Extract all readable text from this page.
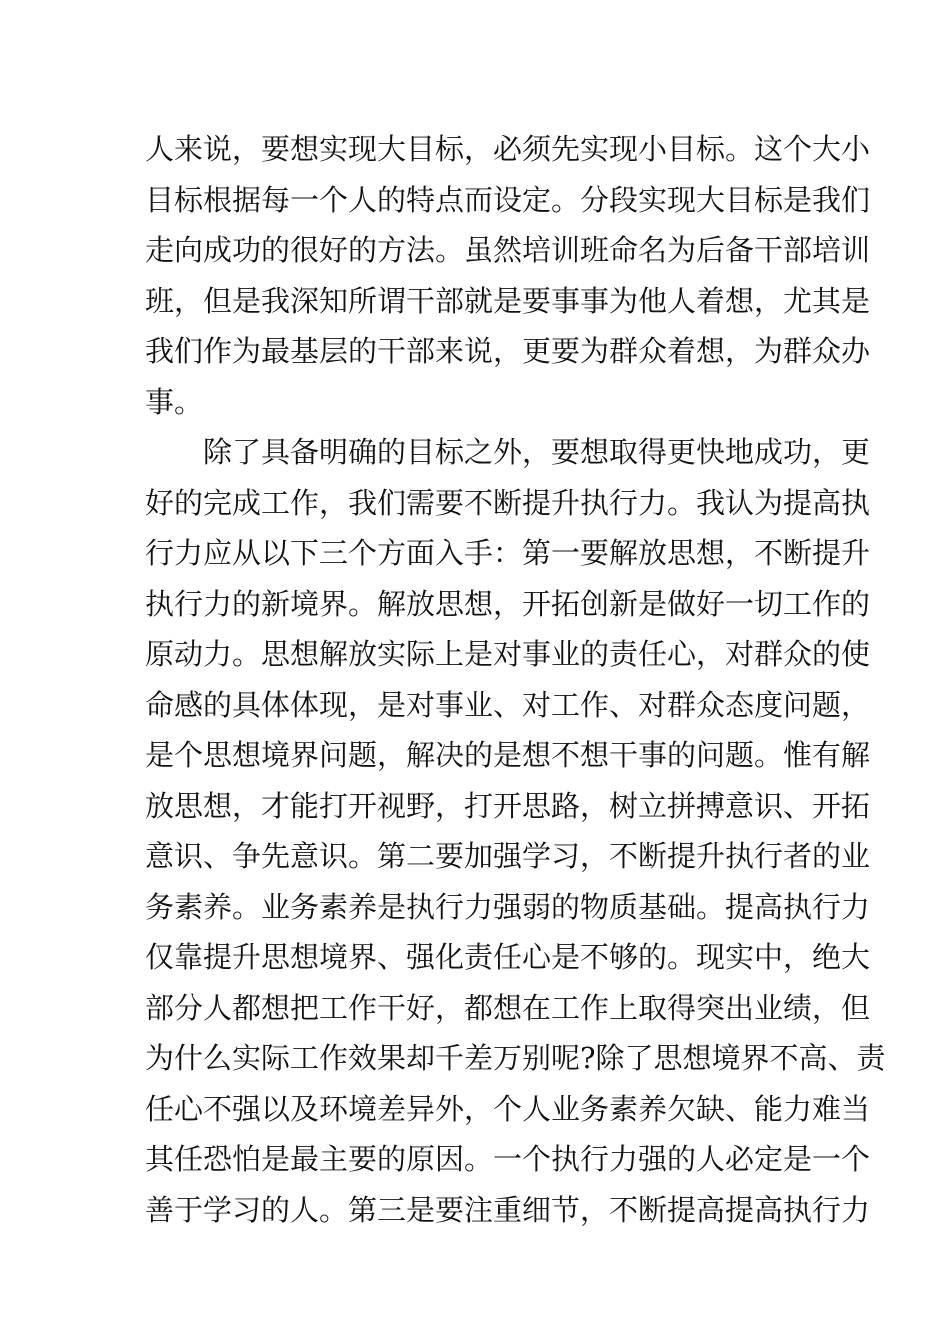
人来说，要想实现大目标，必须先实现小目标。这个大小
目标根据每一个人的特点而设定。分段实现大目标是我们
走向成功的很好的方法。虽然培训班命名为后备干部培训
班，但是我深知所谓干部就是要事事为他人着想，尤其是
我们作为最基层的干部来说，更要为群众着想，为群众办
事。
除了具备明确的目标之外，要想取得更快地成功，更
好的完成工作，我们需要不断提升执行力。我认为提高执
行力应从以下三个方面入手：第一要解放思想，不断提升
执行力的新境界。解放思想，开拓创新是做好一切工作的
原动力。思想解放实际上是对事业的责任心，对群众的使
命感的具体体现，是对事业、对工作、对群众态度问题，
是个思想境界问题，解决的是想不想干事的问题。惟有解
放思想，才能打开视野，打开思路，树立拼搏意识、开拓
意识、争先意识。第二要加强学习，不断提升执行者的业
务素养。业务素养是执行力强弱的物质基础。提高执行力
仅靠提升思想境界、强化责任心是不够的。现实中，绝大
部分人都想把工作干好，都想在工作上取得突出业绩，但
为什么实际工作效果却千差万别呢?除了思想境界不高、责
任心不强以及环境差异外，个人业务素养欠缺、能力难当
其任恐怕是最主要的原因。一个执行力强的人必定是一个
善于学习的人。第三是要注重细节，不断提高提高执行力
